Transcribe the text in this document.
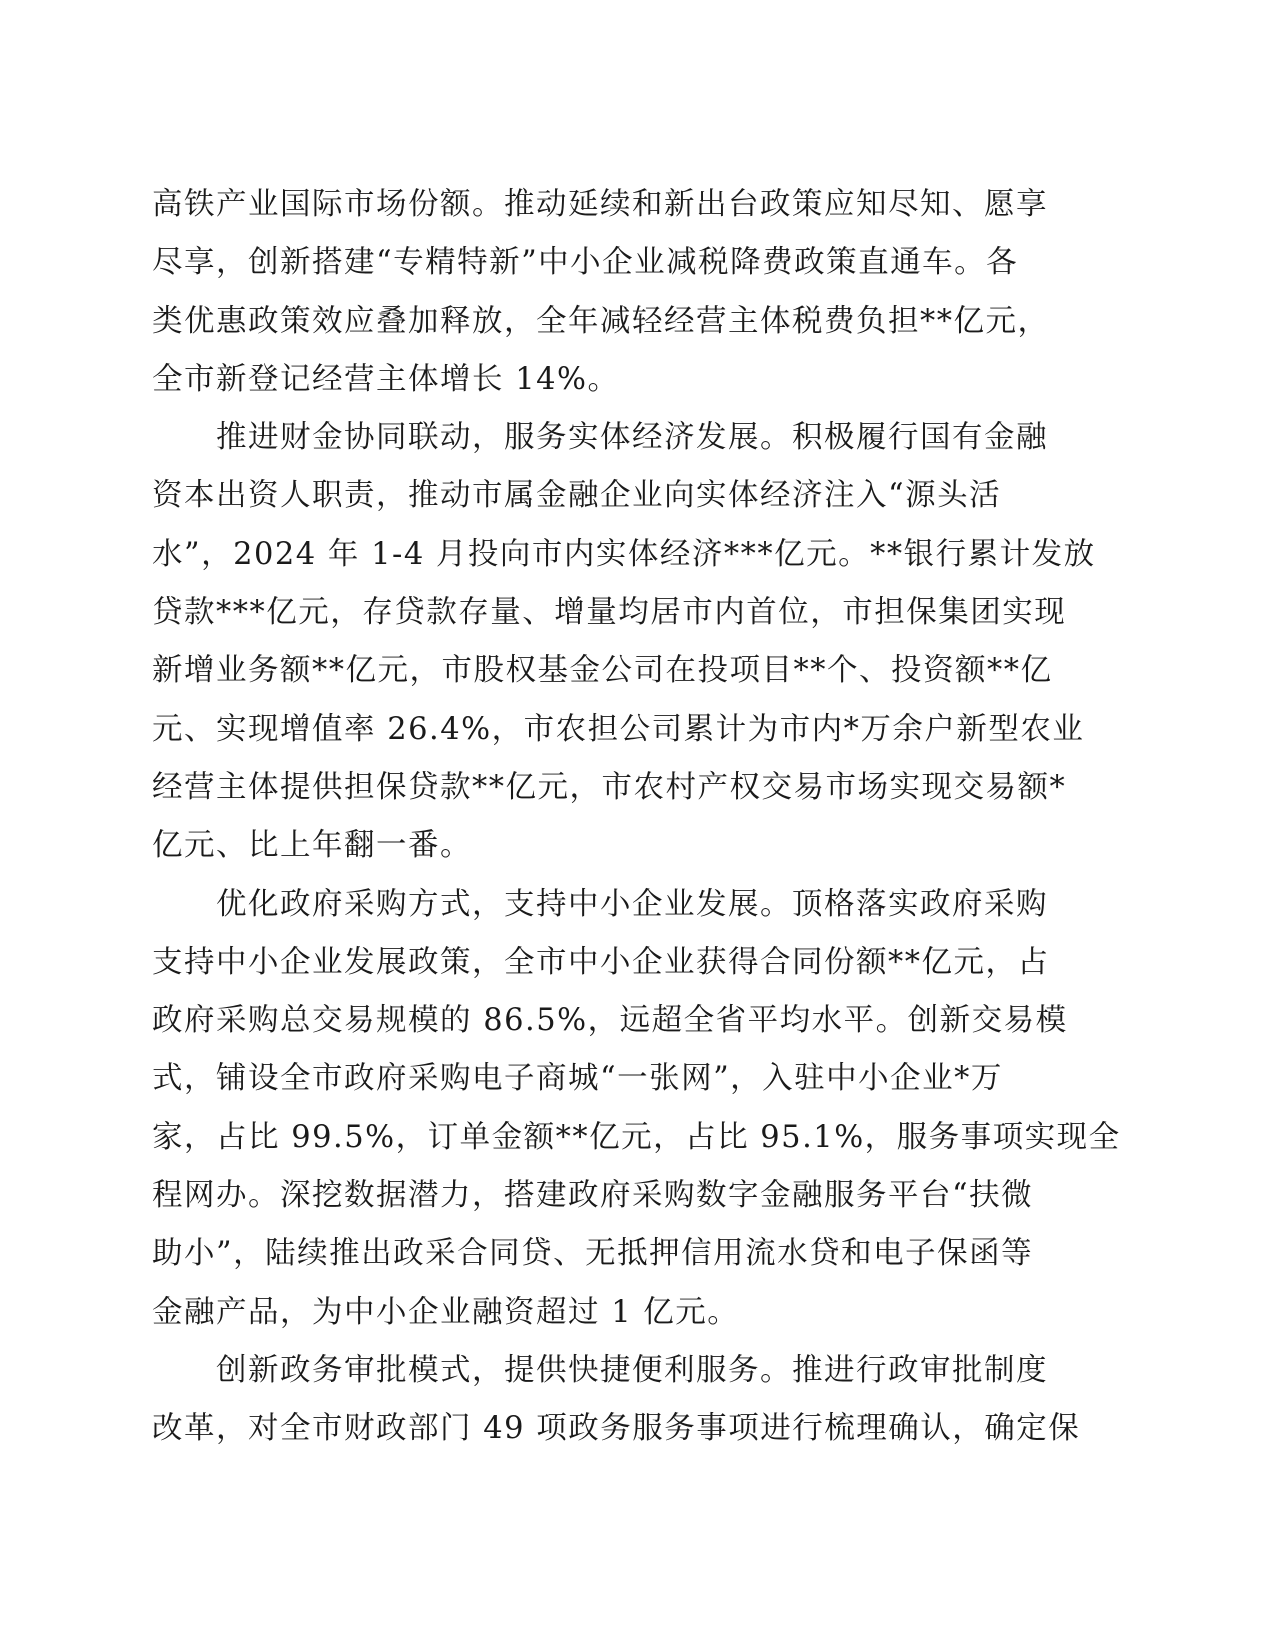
高铁产业国际市场份额。推动延续和新出台政策应知尽知、愿享
尽享，创新搭建“专精特新”中小企业减税降费政策直通车。各
类优惠政策效应叠加释放，全年减轻经营主体税费负担**亿元，
全市新登记经营主体增长 14%。
推进财金协同联动，服务实体经济发展。积极履行国有金融
资本出资人职责，推动市属金融企业向实体经济注入“源头活
水”，2024 年 1-4 月投向市内实体经济***亿元。**银行累计发放
贷款***亿元，存贷款存量、增量均居市内首位，市担保集团实现
新增业务额**亿元，市股权基金公司在投项目**个、投资额**亿
元、实现增值率 26.4%，市农担公司累计为市内*万余户新型农业
经营主体提供担保贷款**亿元，市农村产权交易市场实现交易额*
亿元、比上年翻一番。
优化政府采购方式，支持中小企业发展。顶格落实政府采购
支持中小企业发展政策，全市中小企业获得合同份额**亿元，占
政府采购总交易规模的 86.5%，远超全省平均水平。创新交易模
式，铺设全市政府采购电子商城“一张网”，入驻中小企业*万
家，占比 99.5%，订单金额**亿元，占比 95.1%，服务事项实现全
程网办。深挖数据潜力，搭建政府采购数字金融服务平台“扶微
助小”，陆续推出政采合同贷、无抵押信用流水贷和电子保函等
金融产品，为中小企业融资超过 1 亿元。
创新政务审批模式，提供快捷便利服务。推进行政审批制度
改革，对全市财政部门 49 项政务服务事项进行梳理确认，确定保
